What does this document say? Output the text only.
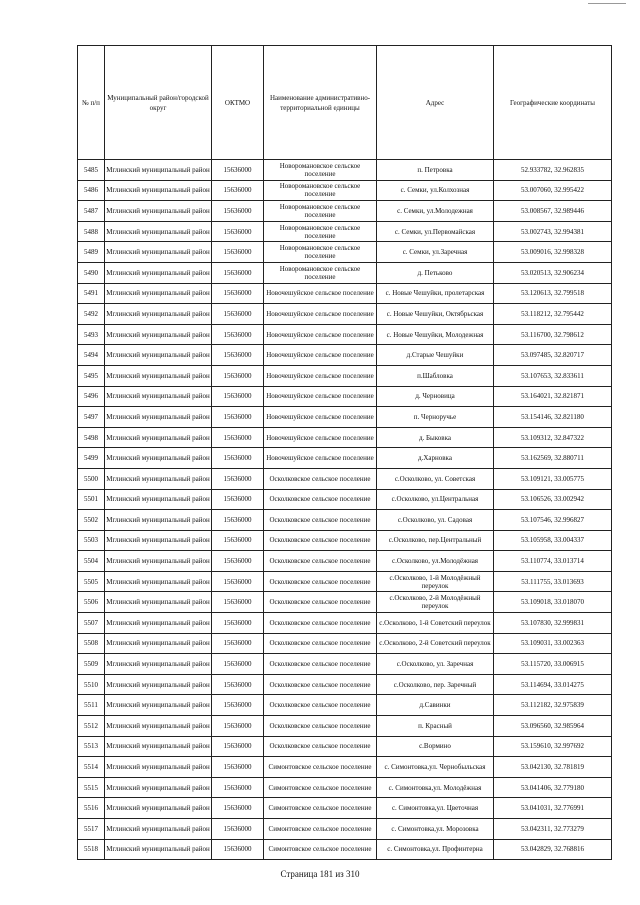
№ п/п	Муниципальный район/городской округ	ОКТМО	Наименование административно-территориальной единицы	Адрес	Географические координаты
5485	Мглинский муниципальный район	15636000	Новоромановское сельское поселение	п. Петровка	52.933782, 32.962835
5486	Мглинский муниципальный район	15636000	Новоромановское сельское поселение	с. Семки, ул.Колхозная	53.007060, 32.995422
5487	Мглинский муниципальный район	15636000	Новоромановское сельское поселение	с. Семки, ул.Молодежная	53.008567, 32.989446
5488	Мглинский муниципальный район	15636000	Новоромановское сельское поселение	с. Семки, ул.Первомайская	53.002743, 32.994381
5489	Мглинский муниципальный район	15636000	Новоромановское сельское поселение	с. Семки, ул.Заречная	53.009016, 32.998328
5490	Мглинский муниципальный район	15636000	Новоромановское сельское поселение	д. Петьково	53.020513, 32.906234
5491	Мглинский муниципальный район	15636000	Новочешуйское сельское поселение	с. Новые Чешуйки, пролетарская	53.120613, 32.799518
5492	Мглинский муниципальный район	15636000	Новочешуйское сельское поселение	с. Новые Чешуйки, Октябрьская	53.118212, 32.795442
5493	Мглинский муниципальный район	15636000	Новочешуйское сельское поселение	с. Новые Чешуйки, Молодежная	53.116700, 32.798612
5494	Мглинский муниципальный район	15636000	Новочешуйское сельское поселение	д.Старые Чешуйки	53.097485, 32.820717
5495	Мглинский муниципальный район	15636000	Новочешуйское сельское поселение	п.Шабловка	53.107653, 32.833611
5496	Мглинский муниципальный район	15636000	Новочешуйское сельское поселение	д. Черновица	53.164021, 32.821871
5497	Мглинский муниципальный район	15636000	Новочешуйское сельское поселение	п. Черноручье	53.154146, 32.821180
5498	Мглинский муниципальный район	15636000	Новочешуйское сельское поселение	д. Быковка	53.109312, 32.847322
5499	Мглинский муниципальный район	15636000	Новочешуйское сельское поселение	д.Харновка	53.162569, 32.880711
5500	Мглинский муниципальный район	15636000	Осколковское сельское поселение	с.Осколково, ул. Советская	53.109121, 33.005775
5501	Мглинский муниципальный район	15636000	Осколковское сельское поселение	с.Осколково, ул.Центральная	53.106526, 33.002942
5502	Мглинский муниципальный район	15636000	Осколковское сельское поселение	с.Осколково, ул. Садовая	53.107546, 32.996827
5503	Мглинский муниципальный район	15636000	Осколковское сельское поселение	с.Осколково, пер.Центральный	53.105958, 33.004337
5504	Мглинский муниципальный район	15636000	Осколковское сельское поселение	с.Осколково, ул.Молодёжная	53.110774, 33.013714
5505	Мглинский муниципальный район	15636000	Осколковское сельское поселение	с.Осколково, 1-й Молодёжный переулок	53.111755, 33.013693
5506	Мглинский муниципальный район	15636000	Осколковское сельское поселение	с.Осколково, 2-й Молодёжный переулок	53.109018, 33.018070
5507	Мглинский муниципальный район	15636000	Осколковское сельское поселение	с.Осколково, 1-й Советский переулок	53.107830, 32.999831
5508	Мглинский муниципальный район	15636000	Осколковское сельское поселение	с.Осколково, 2-й Советский переулок	53.109031, 33.002363
5509	Мглинский муниципальный район	15636000	Осколковское сельское поселение	с.Осколково, ул. Заречная	53.115720, 33.006915
5510	Мглинский муниципальный район	15636000	Осколковское сельское поселение	с.Осколково, пер. Заречный	53.114694, 33.014275
5511	Мглинский муниципальный район	15636000	Осколковское сельское поселение	д.Савинки	53.112182, 32.975839
5512	Мглинский муниципальный район	15636000	Осколковское сельское поселение	п. Красный	53.096560, 32.985964
5513	Мглинский муниципальный район	15636000	Осколковское сельское поселение	с.Вормино	53.159610, 32.997692
5514	Мглинский муниципальный район	15636000	Симонтовское сельское поселение	с. Симонтовка,ул. Чернобыльская	53.042130, 32.781819
5515	Мглинский муниципальный район	15636000	Симонтовское сельское поселение	с. Симонтовка,ул. Молодёжная	53.041406, 32.779180
5516	Мглинский муниципальный район	15636000	Симонтовское сельское поселение	с. Симонтовка,ул. Цветочная	53.041031, 32.776991
5517	Мглинский муниципальный район	15636000	Симонтовское сельское поселение	с. Симонтовка,ул. Морозовка	53.042311, 32.773279
5518	Мглинский муниципальный район	15636000	Симонтовское сельское поселение	с. Симонтовка,ул. Профинтерна	53.042829, 32.768816
Страница 181 из 310
